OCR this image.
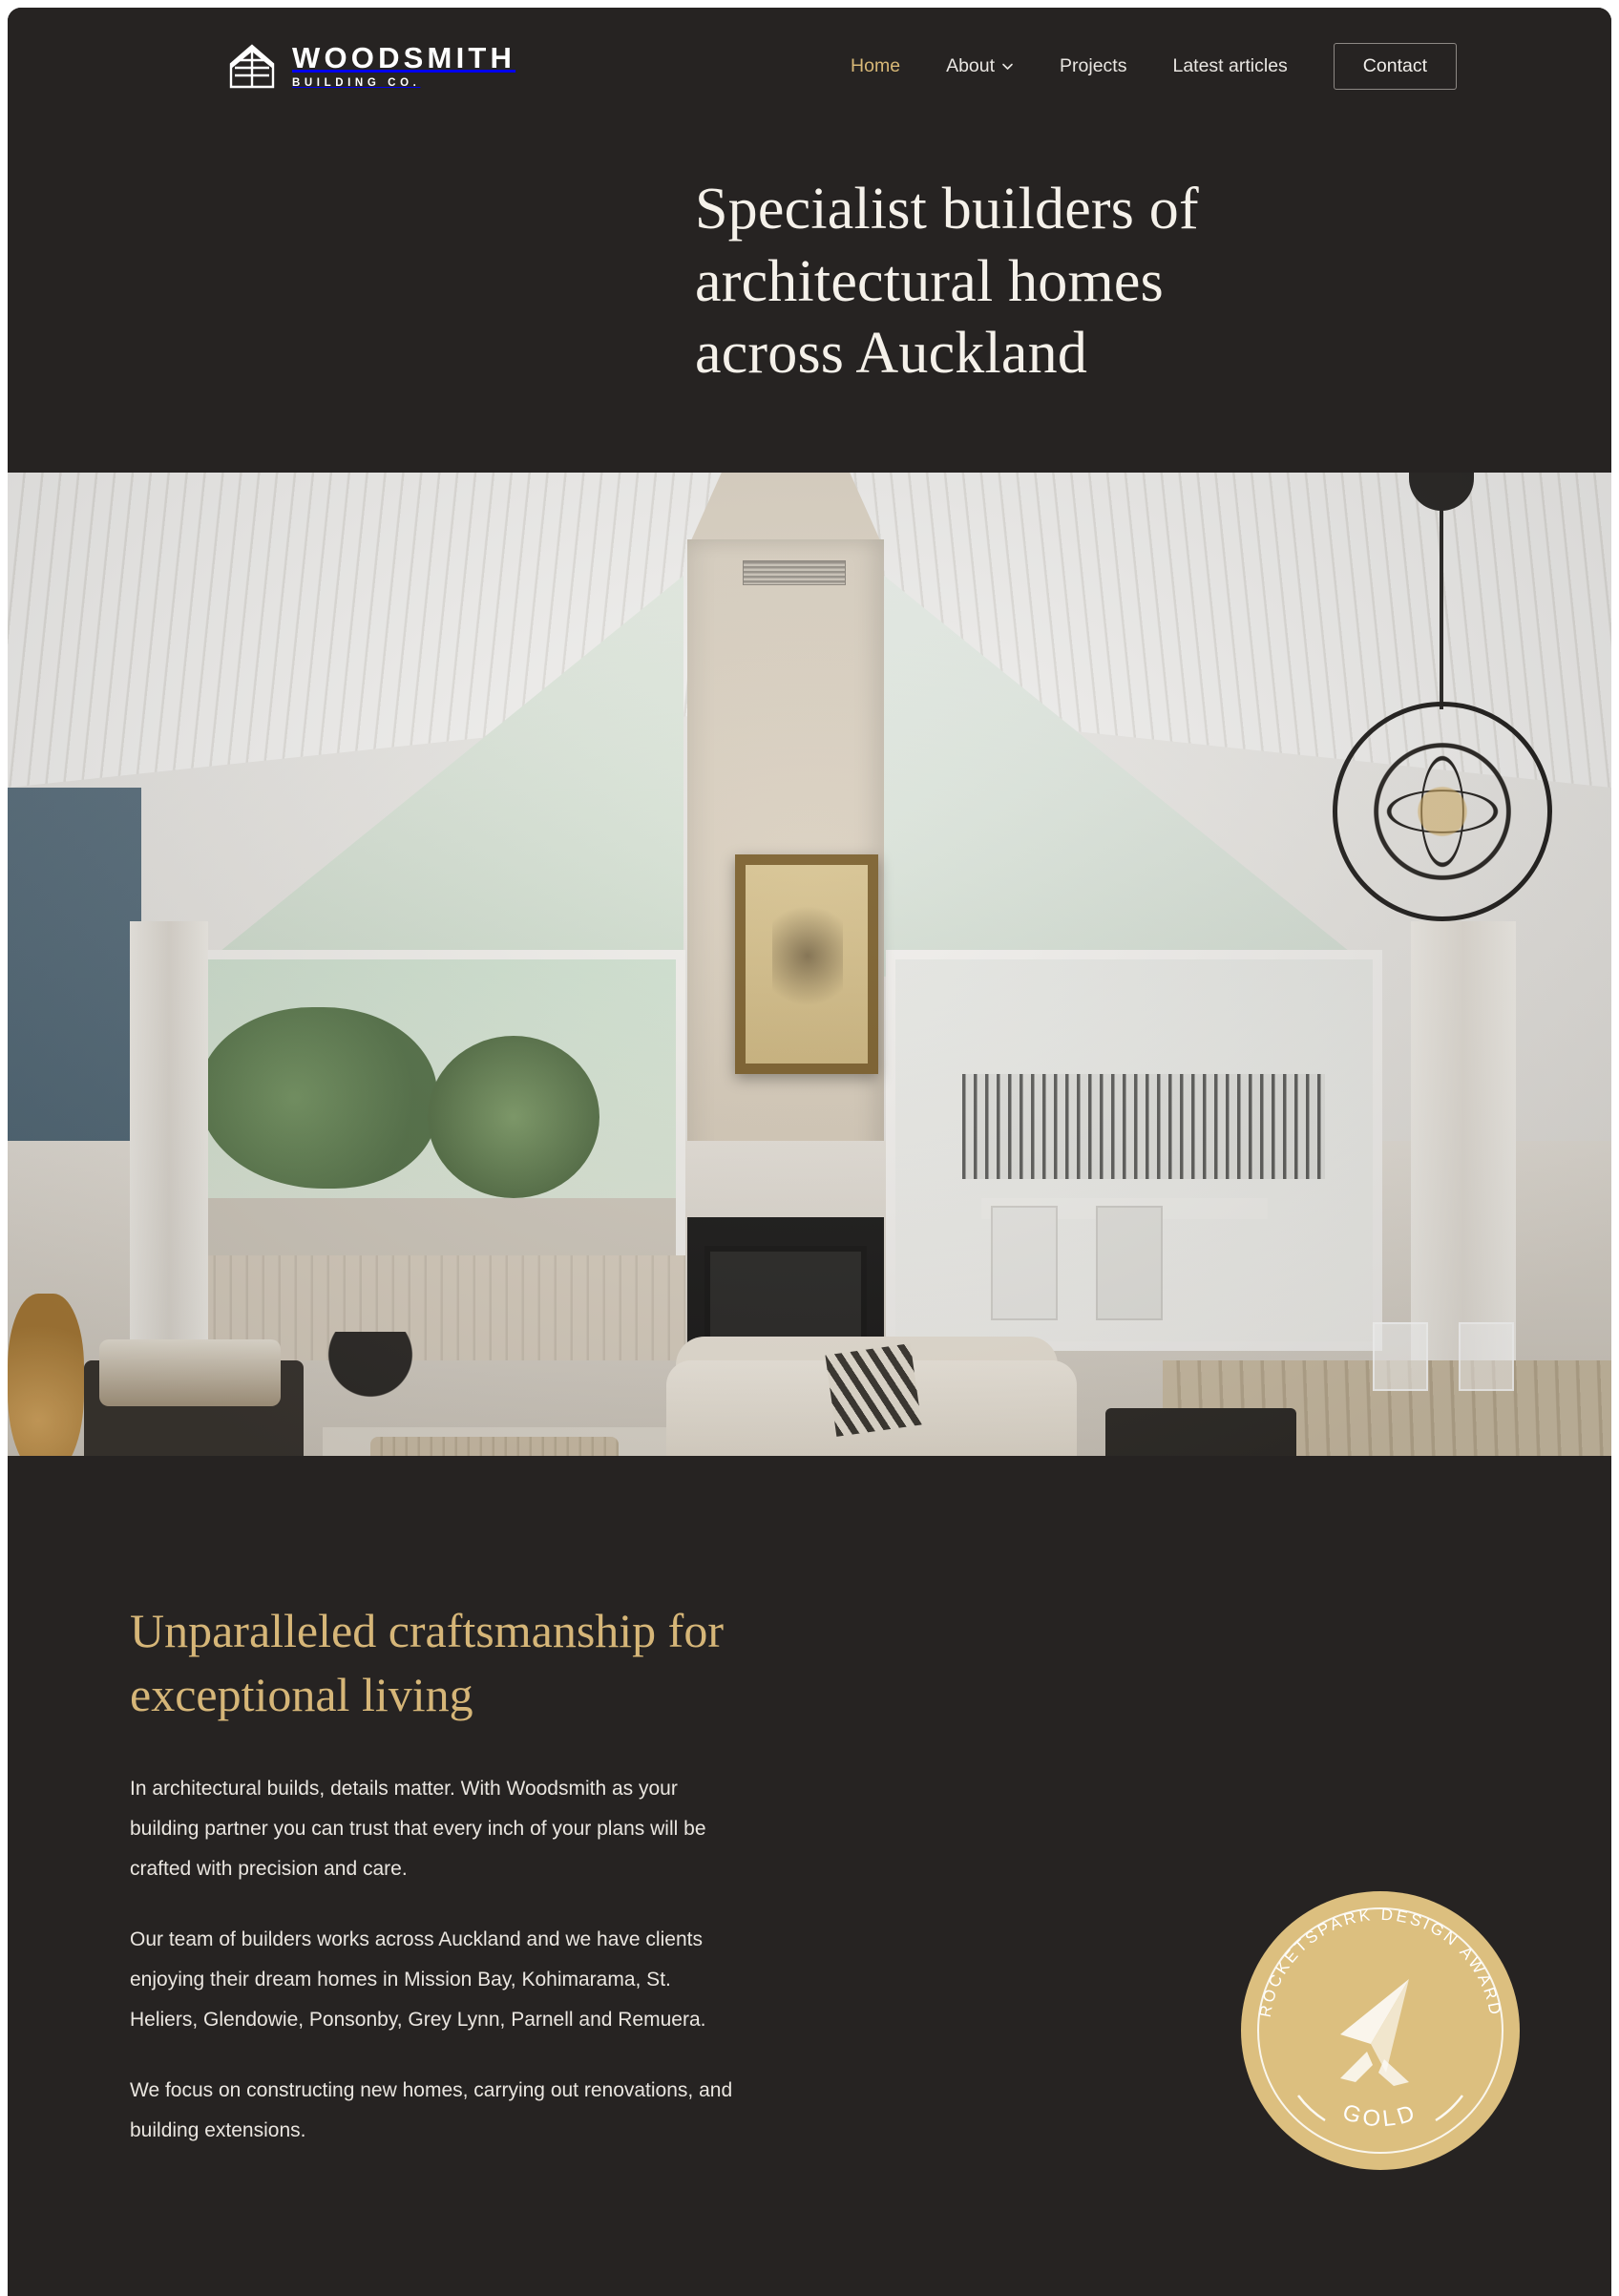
WOODSMITH
BUILDING CO.
Home About	Projects Latest articles	Contact
Specialist builders of architectural homes across Auckland
Unparalleled craftsmanship for exceptional living

In architectural builds, details matter. With Woodsmith as your building partner you can trust that every inch of your plans will be crafted with precision and care.

Our team of builders works across Auckland and we have clients enjoying their dream homes in Mission Bay, Kohimarama, St. Heliers, Glendowie, Ponsonby, Grey Lynn, Parnell and Remuera.

We focus on constructing new homes, carrying out renovations, and building extensions.

ROCKETSPARK DESIGN AWARD
GOLD
